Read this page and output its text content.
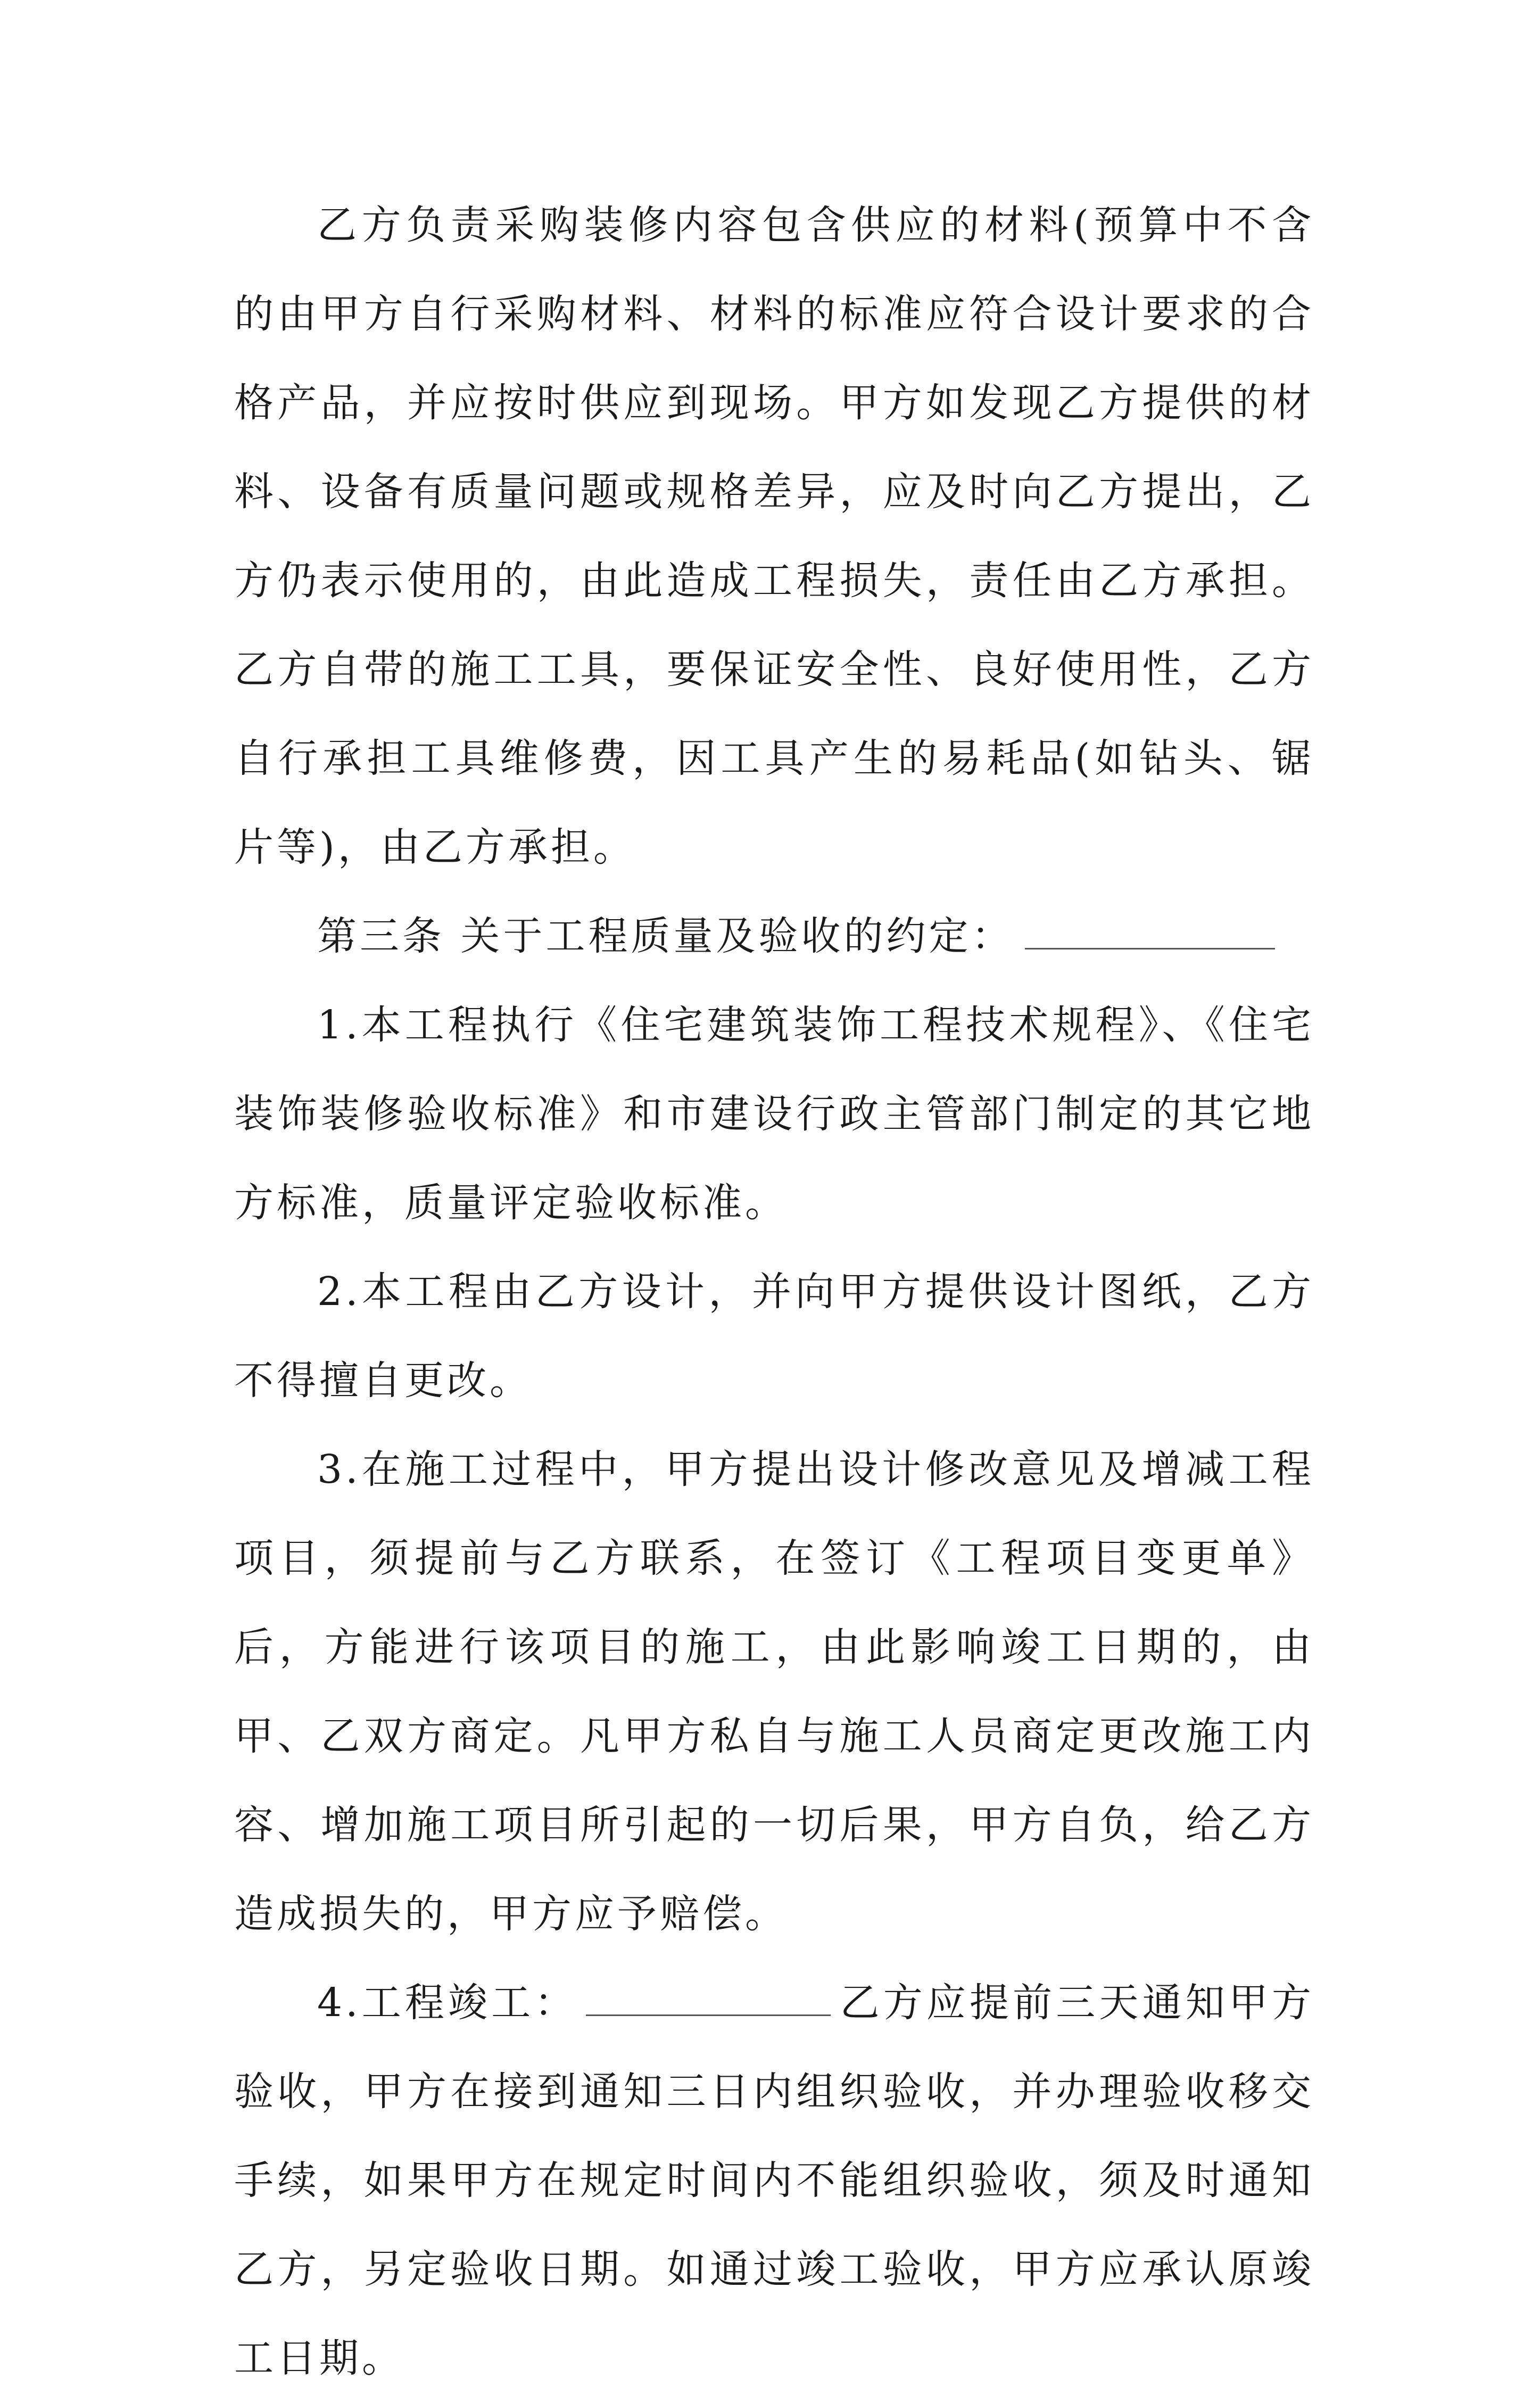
乙方负责采购装修内容包含供应的材料(预算中不含的由甲方自行采购材料、材料的标准应符合设计要求的合格产品，并应按时供应到现场。甲方如发现乙方提供的材料、设备有质量问题或规格差异，应及时向乙方提出，乙方仍表示使用的，由此造成工程损失，责任由乙方承担。乙方自带的施工工具，要保证安全性、良好使用性，乙方自行承担工具维修费，因工具产生的易耗品(如钻头、锯片等)，由乙方承担。

第三条 关于工程质量及验收的约定：

1.本工程执行《住宅建筑装饰工程技术规程》、《住宅装饰装修验收标准》和市建设行政主管部门制定的其它地方标准，质量评定验收标准。

2.本工程由乙方设计，并向甲方提供设计图纸，乙方不得擅自更改。

3.在施工过程中，甲方提出设计修改意见及增减工程项目，须提前与乙方联系，在签订《工程项目变更单》后，方能进行该项目的施工，由此影响竣工日期的，由甲、乙双方商定。凡甲方私自与施工人员商定更改施工内容、增加施工项目所引起的一切后果，甲方自负，给乙方造成损失的，甲方应予赔偿。

4.工程竣工：	乙方应提前三天通知甲方验收，甲方在接到通知三日内组织验收，并办理验收移交手续，如果甲方在规定时间内不能组织验收，须及时通知乙方，另定验收日期。如通过竣工验收，甲方应承认原竣工日期。
